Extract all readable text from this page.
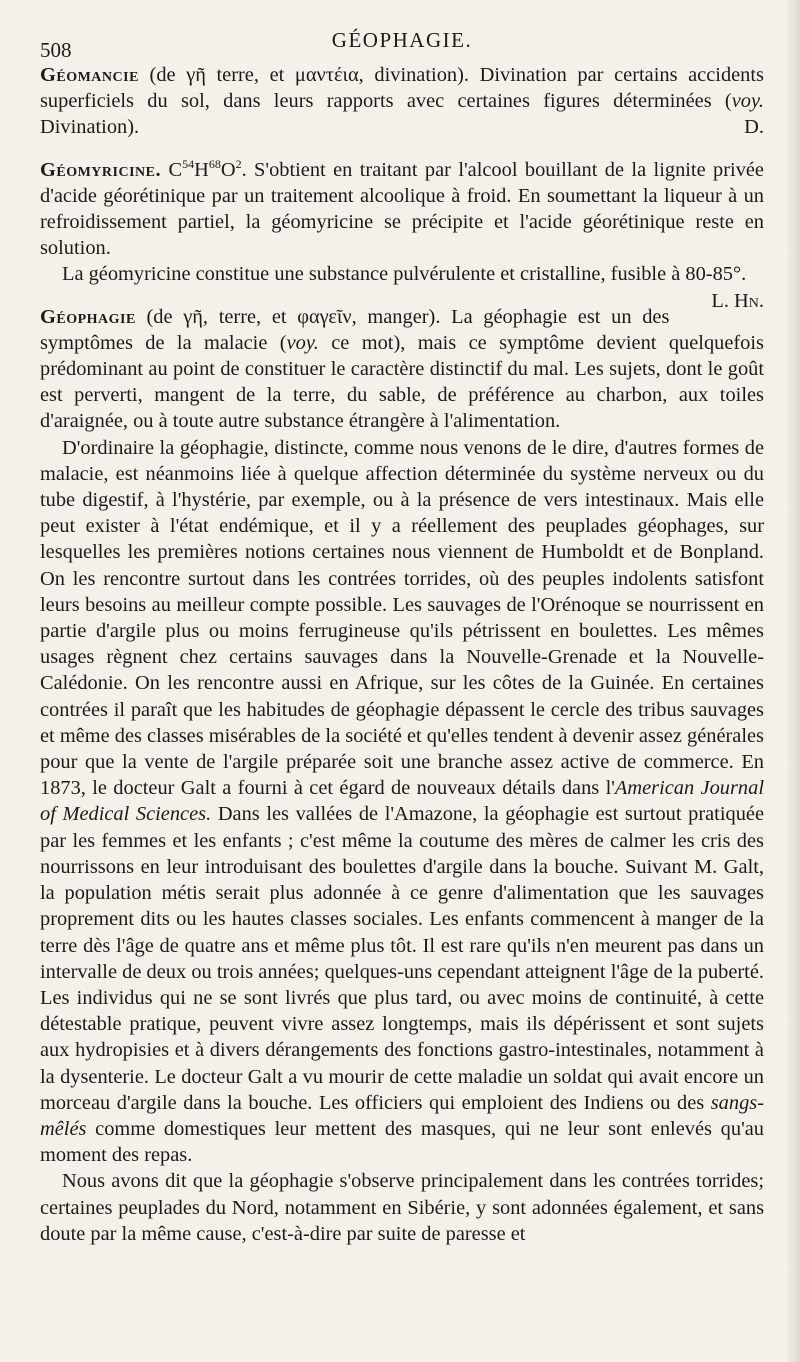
508	GÉOPHAGIE.

Géomancie (de γῆ terre, et μαντέια, divination). Divination par certains accidents superficiels du sol, dans leurs rapports avec certaines figures déterminées (voy. Divination).	D.

Géomyricine. $C^{54}H^{68}O^2$. S'obtient en traitant par l'alcool bouillant de la lignite privée d'acide géorétinique par un traitement alcoolique à froid. En soumettant la liqueur à un refroidissement partiel, la géomyricine se précipite et l'acide géorétinique reste en solution.

La géomyricine constitue une substance pulvérulente et cristalline, fusible à 80-85°.
L. Hn.

Géophagie (de γῆ, terre, et φαγεῖν, manger). La géophagie est un des symptômes de la malacie (voy. ce mot), mais ce symptôme devient quelquefois prédominant au point de constituer le caractère distinctif du mal. Les sujets, dont le goût est perverti, mangent de la terre, du sable, de préférence au charbon, aux toiles d'araignée, ou à toute autre substance étrangère à l'alimentation.

D'ordinaire la géophagie, distincte, comme nous venons de le dire, d'autres formes de malacie, est néanmoins liée à quelque affection déterminée du système nerveux ou du tube digestif, à l'hystérie, par exemple, ou à la présence de vers intestinaux. Mais elle peut exister à l'état endémique, et il y a réellement des peuplades géophages, sur lesquelles les premières notions certaines nous viennent de Humboldt et de Bonpland. On les rencontre surtout dans les contrées torrides, où des peuples indolents satisfont leurs besoins au meilleur compte possible. Les sauvages de l'Orénoque se nourrissent en partie d'argile plus ou moins ferrugineuse qu'ils pétrissent en boulettes. Les mêmes usages règnent chez certains sauvages dans la Nouvelle-Grenade et la Nouvelle-Calédonie. On les rencontre aussi en Afrique, sur les côtes de la Guinée. En certaines contrées il paraît que les habitudes de géophagie dépassent le cercle des tribus sauvages et même des classes misérables de la société et qu'elles tendent à devenir assez générales pour que la vente de l'argile préparée soit une branche assez active de commerce. En 1873, le docteur Galt a fourni à cet égard de nouveaux détails dans l'American Journal of Medical Sciences. Dans les vallées de l'Amazone, la géophagie est surtout pratiquée par les femmes et les enfants ; c'est même la coutume des mères de calmer les cris des nourrissons en leur introduisant des boulettes d'argile dans la bouche. Suivant M. Galt, la population métis serait plus adonnée à ce genre d'alimentation que les sauvages proprement dits ou les hautes classes sociales. Les enfants commencent à manger de la terre dès l'âge de quatre ans et même plus tôt. Il est rare qu'ils n'en meurent pas dans un intervalle de deux ou trois années; quelques-uns cependant atteignent l'âge de la puberté. Les individus qui ne se sont livrés que plus tard, ou avec moins de continuité, à cette détestable pratique, peuvent vivre assez longtemps, mais ils dépérissent et sont sujets aux hydropisies et à divers dérangements des fonctions gastro-intestinales, notamment à la dysenterie. Le docteur Galt a vu mourir de cette maladie un soldat qui avait encore un morceau d'argile dans la bouche. Les officiers qui emploient des Indiens ou des sangs-mêlés comme domestiques leur mettent des masques, qui ne leur sont enlevés qu'au moment des repas.

Nous avons dit que la géophagie s'observe principalement dans les contrées torrides; certaines peuplades du Nord, notamment en Sibérie, y sont adonnées également, et sans doute par la même cause, c'est-à-dire par suite de paresse et
